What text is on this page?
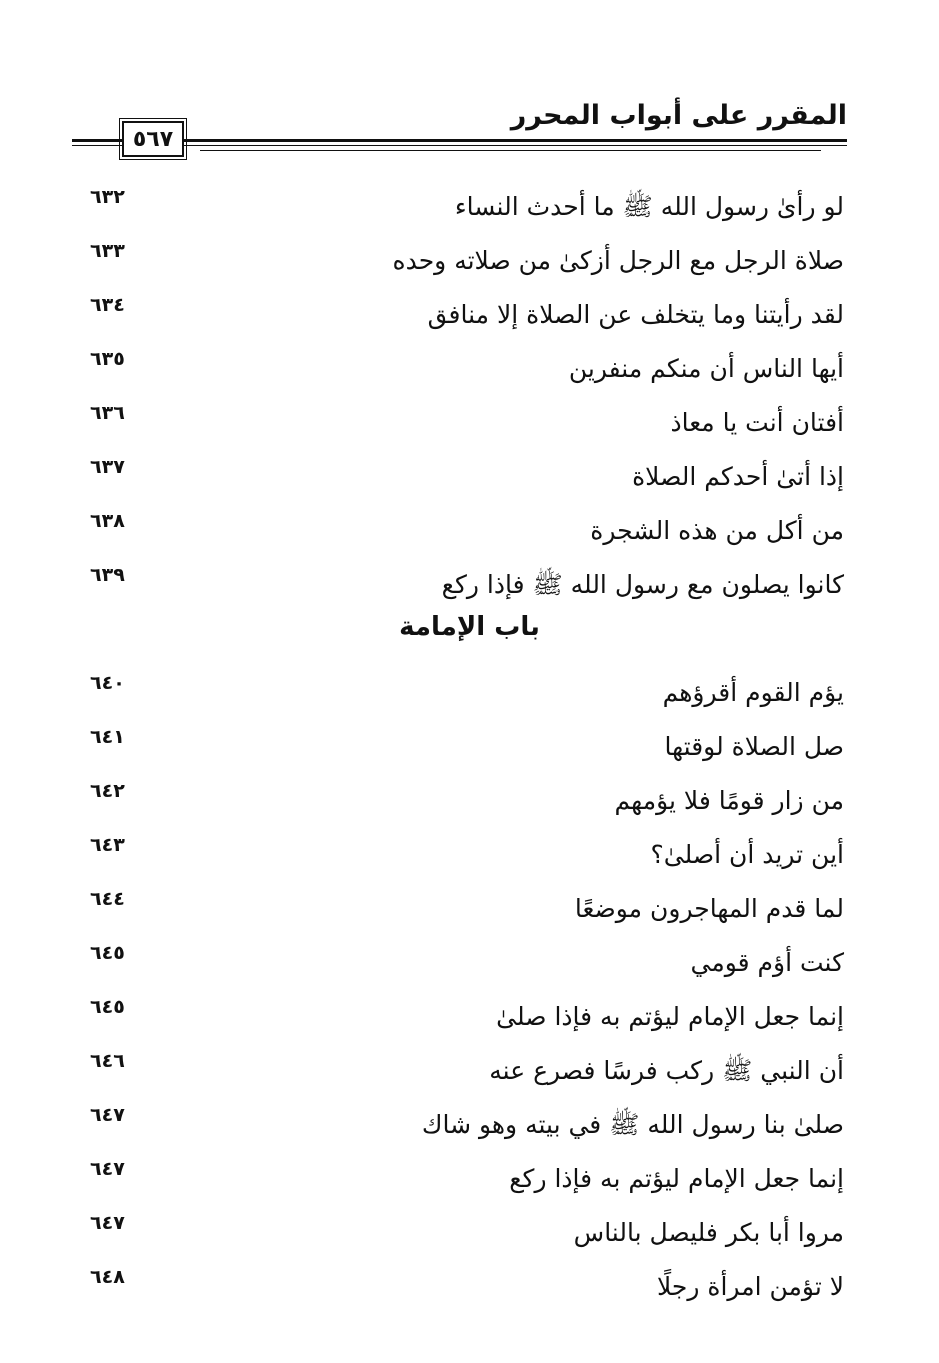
المقرر على أبواب المحرر
٥٦٧
لو رأىٰ رسول الله ﷺ ما أحدث النساء
٦٣٢
صلاة الرجل مع الرجل أزكىٰ من صلاته وحده
٦٣٣
لقد رأيتنا وما يتخلف عن الصلاة إلا منافق
٦٣٤
أيها الناس أن منكم منفرين
٦٣٥
أفتان أنت يا معاذ
٦٣٦
إذا أتىٰ أحدكم الصلاة
٦٣٧
من أكل من هذه الشجرة
٦٣٨
كانوا يصلون مع رسول الله ﷺ فإذا ركع
٦٣٩
باب الإمامة
يؤم القوم أقرؤهم
٦٤٠
صل الصلاة لوقتها
٦٤١
من زار قومًا فلا يؤمهم
٦٤٢
أين تريد أن أصلىٰ؟
٦٤٣
لما قدم المهاجرون موضعًا
٦٤٤
كنت أؤم قومي
٦٤٥
إنما جعل الإمام ليؤتم به فإذا صلىٰ
٦٤٥
أن النبي ﷺ ركب فرسًا فصرع عنه
٦٤٦
صلىٰ بنا رسول الله ﷺ في بيته وهو شاك
٦٤٧
إنما جعل الإمام ليؤتم به فإذا ركع
٦٤٧
مروا أبا بكر فليصل بالناس
٦٤٧
لا تؤمن امرأة رجلًا
٦٤٨
